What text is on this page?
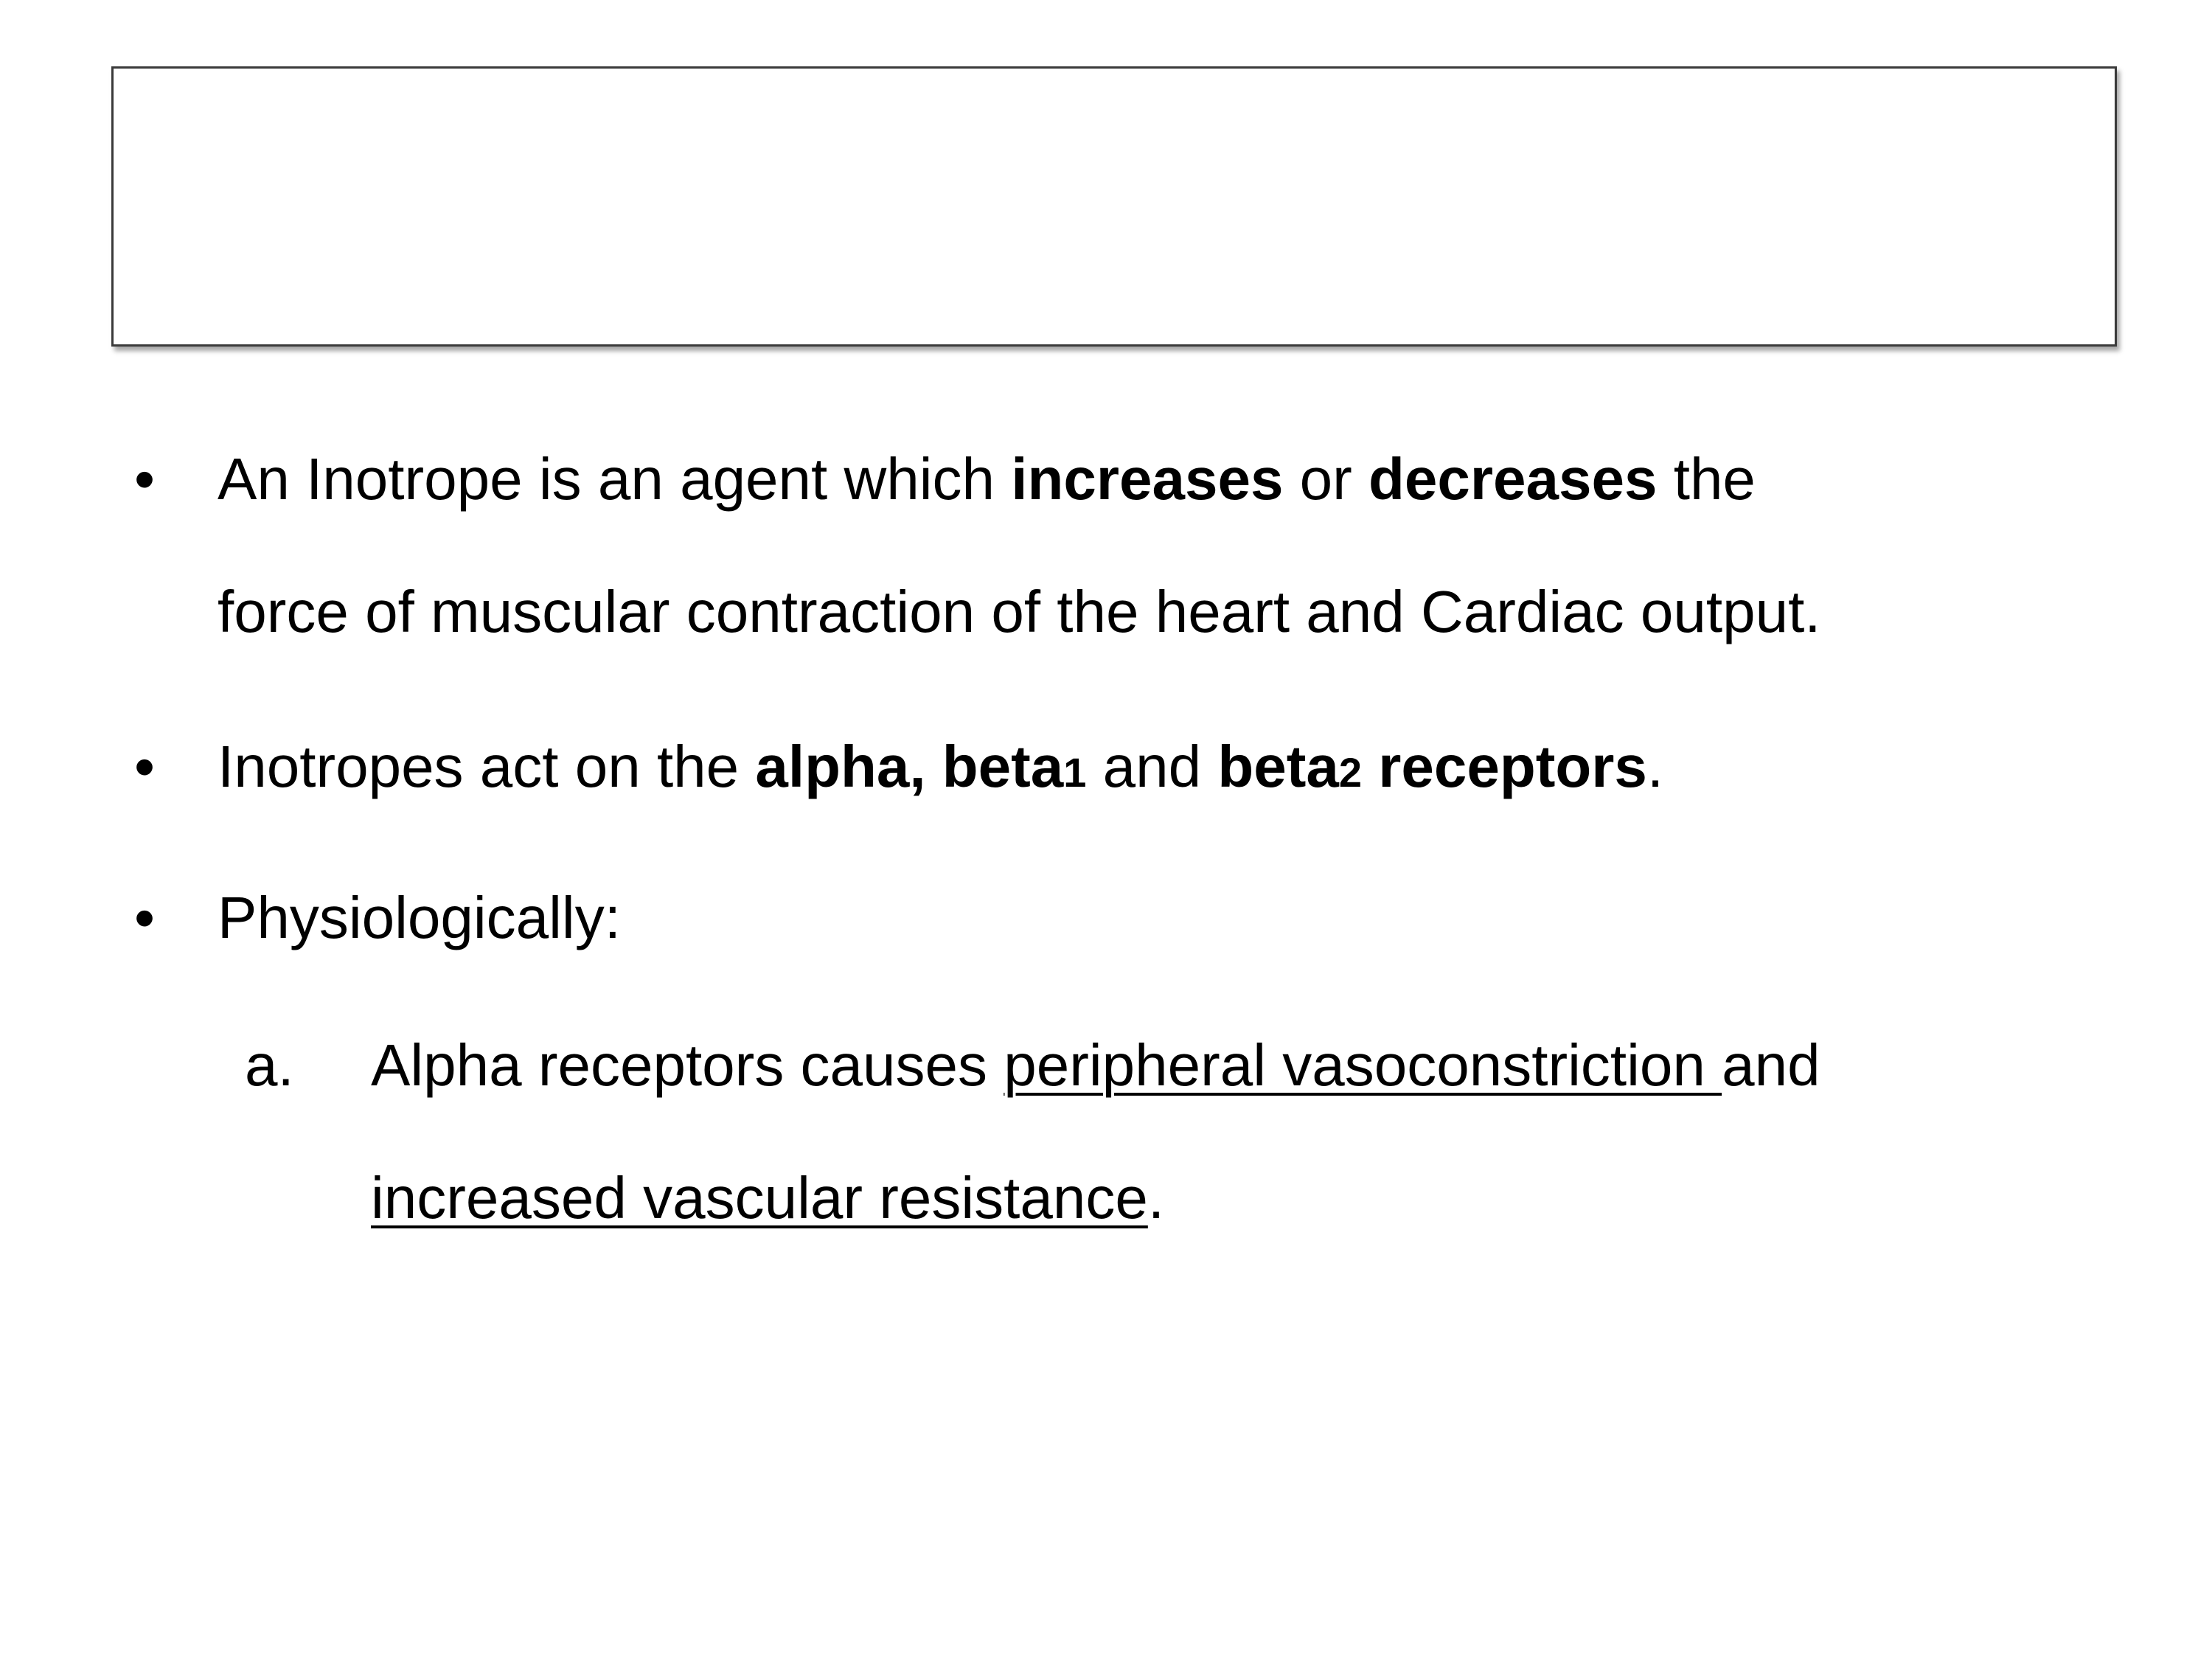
• An Inotrope is an agent which increases or decreases the
force of muscular contraction of the heart and Cardiac output.
• Inotropes act on the alpha, beta1 and beta2 receptors.
• Physiologically:
a. Alpha receptors causes peripheral vasoconstriction and
increased vascular resistance.
